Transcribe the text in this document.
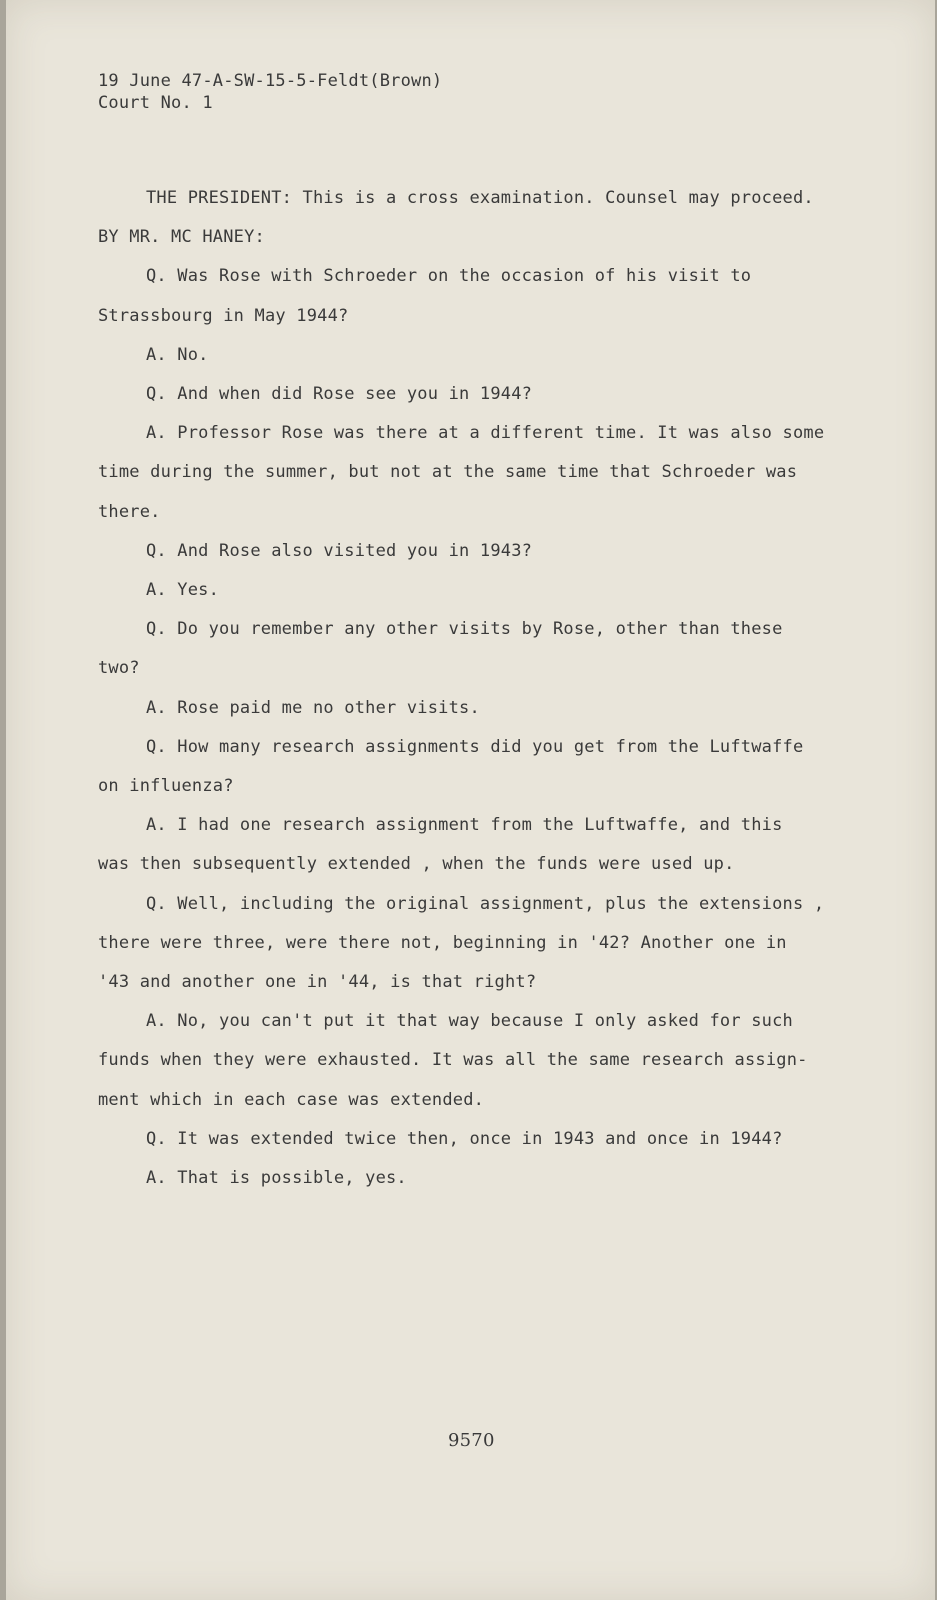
19 June 47-A-SW-15-5-Feldt(Brown)
Court No. 1
THE PRESIDENT: This is a cross examination. Counsel may proceed.
BY MR. MC HANEY:
Q. Was Rose with Schroeder on the occasion of his visit to
Strassbourg in May 1944?
A. No.
Q. And when did Rose see you in 1944?
A. Professor Rose was there at a different time. It was also some
time during the summer, but not at the same time that Schroeder was
there.
Q. And Rose also visited you in 1943?
A. Yes.
Q. Do you remember any other visits by Rose, other than these
two?
A. Rose paid me no other visits.
Q. How many research assignments did you get from the Luftwaffe
on influenza?
A. I had one research assignment from the Luftwaffe, and this
was then subsequently extended , when the funds were used up.
Q. Well, including the original assignment, plus the extensions ,
there were three, were there not, beginning in '42? Another one in
'43 and another one in '44, is that right?
A. No, you can't put it that way because I only asked for such
funds when they were exhausted. It was all the same research assign-
ment which in each case was extended.
Q. It was extended twice then, once in 1943 and once in 1944?
A. That is possible, yes.
9570
